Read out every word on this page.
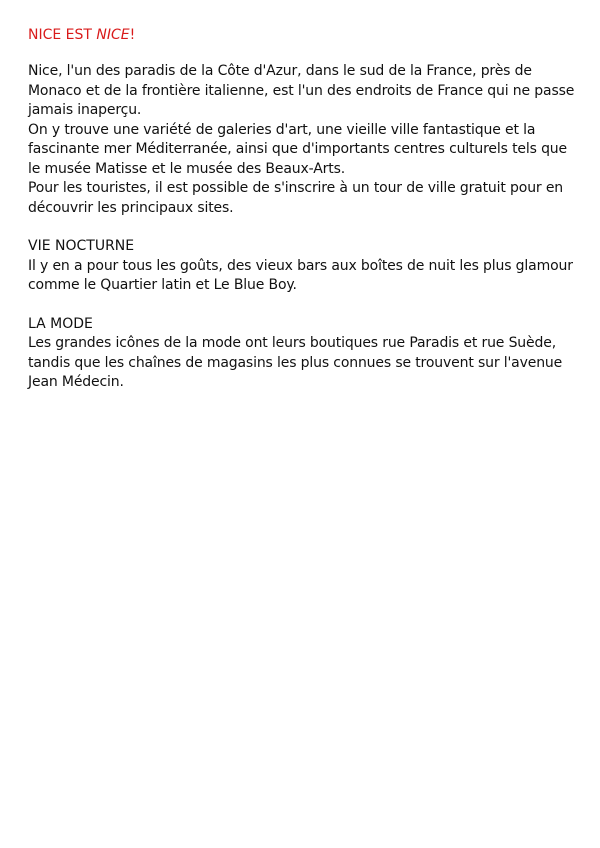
NICE EST NICE!

Nice, l'un des paradis de la Côte d'Azur, dans le sud de la France, près de Monaco et de la frontière italienne, est l'un des endroits de France qui ne passe jamais inaperçu.

On y trouve une variété de galeries d'art, une vieille ville fantastique et la fascinante mer Méditerranée, ainsi que d'importants centres culturels tels que le musée Matisse et le musée des Beaux-Arts.

Pour les touristes, il est possible de s'inscrire à un tour de ville gratuit pour en découvrir les principaux sites.

VIE NOCTURNE

Il y en a pour tous les goûts, des vieux bars aux boîtes de nuit les plus glamour comme le Quartier latin et Le Blue Boy.

LA MODE

Les grandes icônes de la mode ont leurs boutiques rue Paradis et rue Suède, tandis que les chaînes de magasins les plus connues se trouvent sur l'avenue Jean Médecin.
